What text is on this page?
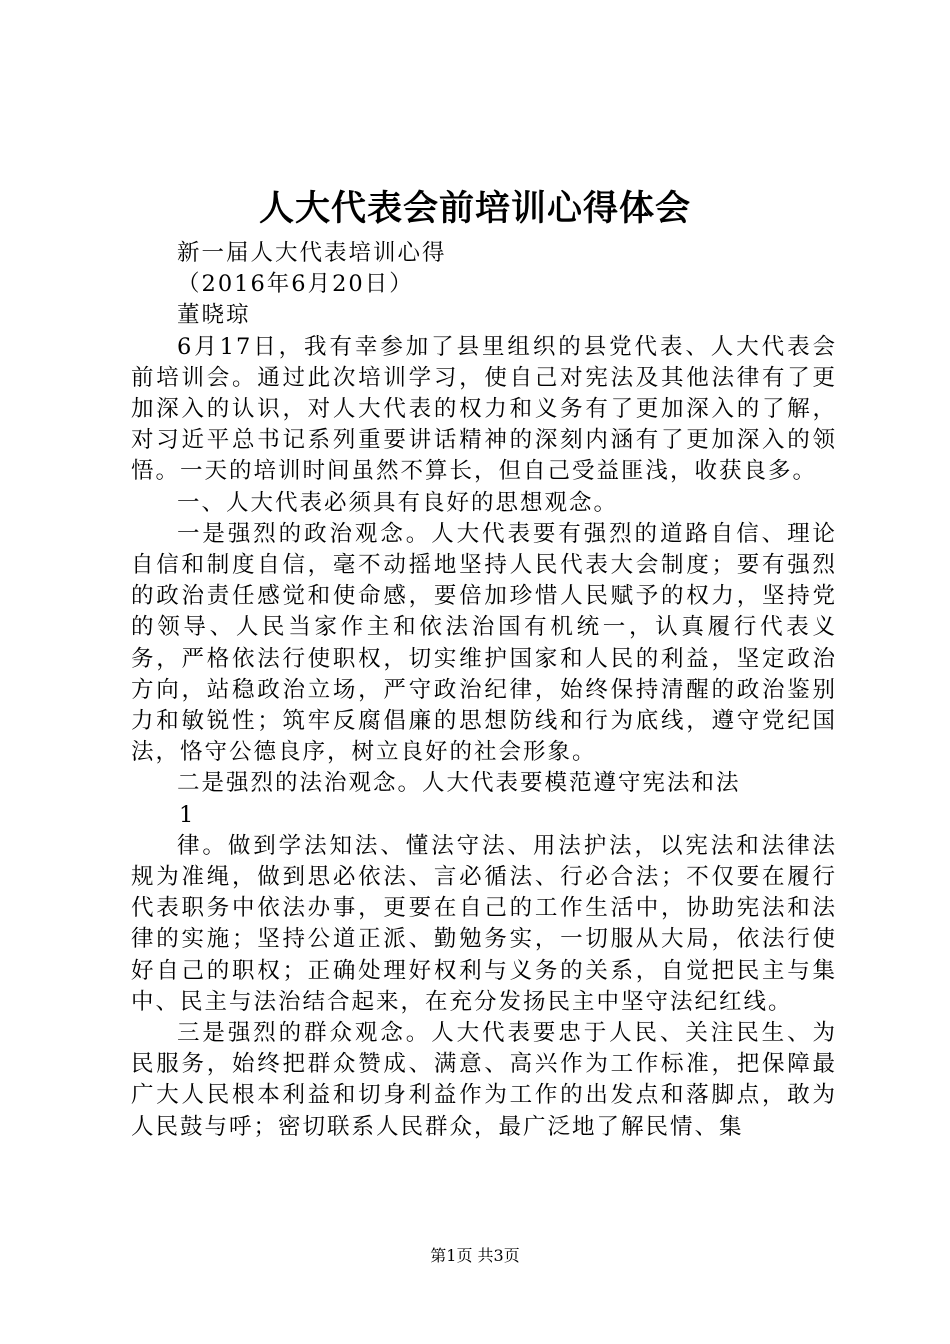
人大代表会前培训心得体会

新一届人大代表培训心得

（2016年6月20日）

董晓琼

6月17日，我有幸参加了县里组织的县党代表、人大代表会前培训会。通过此次培训学习，使自己对宪法及其他法律有了更加深入的认识，对人大代表的权力和义务有了更加深入的了解，对习近平总书记系列重要讲话精神的深刻内涵有了更加深入的领悟。一天的培训时间虽然不算长，但自己受益匪浅，收获良多。

一、人大代表必须具有良好的思想观念。

一是强烈的政治观念。人大代表要有强烈的道路自信、理论自信和制度自信，毫不动摇地坚持人民代表大会制度；要有强烈的政治责任感觉和使命感，要倍加珍惜人民赋予的权力，坚持党的领导、人民当家作主和依法治国有机统一，认真履行代表义务，严格依法行使职权，切实维护国家和人民的利益，坚定政治方向，站稳政治立场，严守政治纪律，始终保持清醒的政治鉴别力和敏锐性；筑牢反腐倡廉的思想防线和行为底线，遵守党纪国法，恪守公德良序，树立良好的社会形象。

二是强烈的法治观念。人大代表要模范遵守宪法和法

1

律。做到学法知法、懂法守法、用法护法，以宪法和法律法规为准绳，做到思必依法、言必循法、行必合法；不仅要在履行代表职务中依法办事，更要在自己的工作生活中，协助宪法和法律的实施；坚持公道正派、勤勉务实，一切服从大局，依法行使好自己的职权；正确处理好权利与义务的关系，自觉把民主与集中、民主与法治结合起来，在充分发扬民主中坚守法纪红线。

三是强烈的群众观念。人大代表要忠于人民、关注民生、为民服务，始终把群众赞成、满意、高兴作为工作标准，把保障最广大人民根本利益和切身利益作为工作的出发点和落脚点，敢为人民鼓与呼；密切联系人民群众，最广泛地了解民情、集

第1页 共3页
